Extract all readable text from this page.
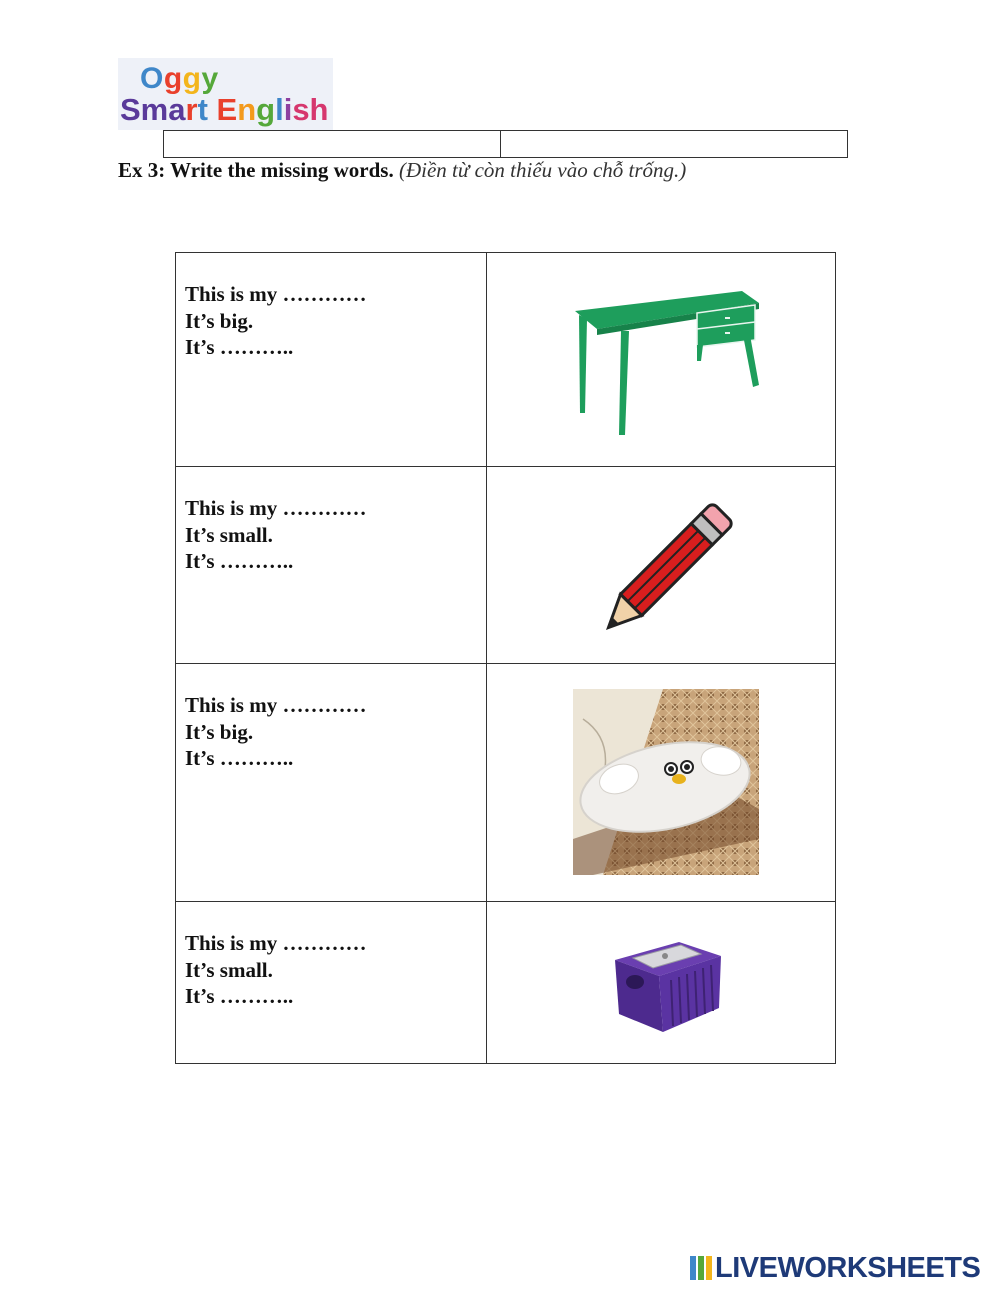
Oggy
Smart English

Ex 3: Write the missing words. (Điền từ còn thiếu vào chỗ trống.)
This is my …………
It’s big.
It’s ………..

This is my …………
It’s small.
It’s ………..

This is my …………
It’s big.
It’s ………..

This is my …………
It’s small.
It’s ………..

LIVEWORKSHEETS
